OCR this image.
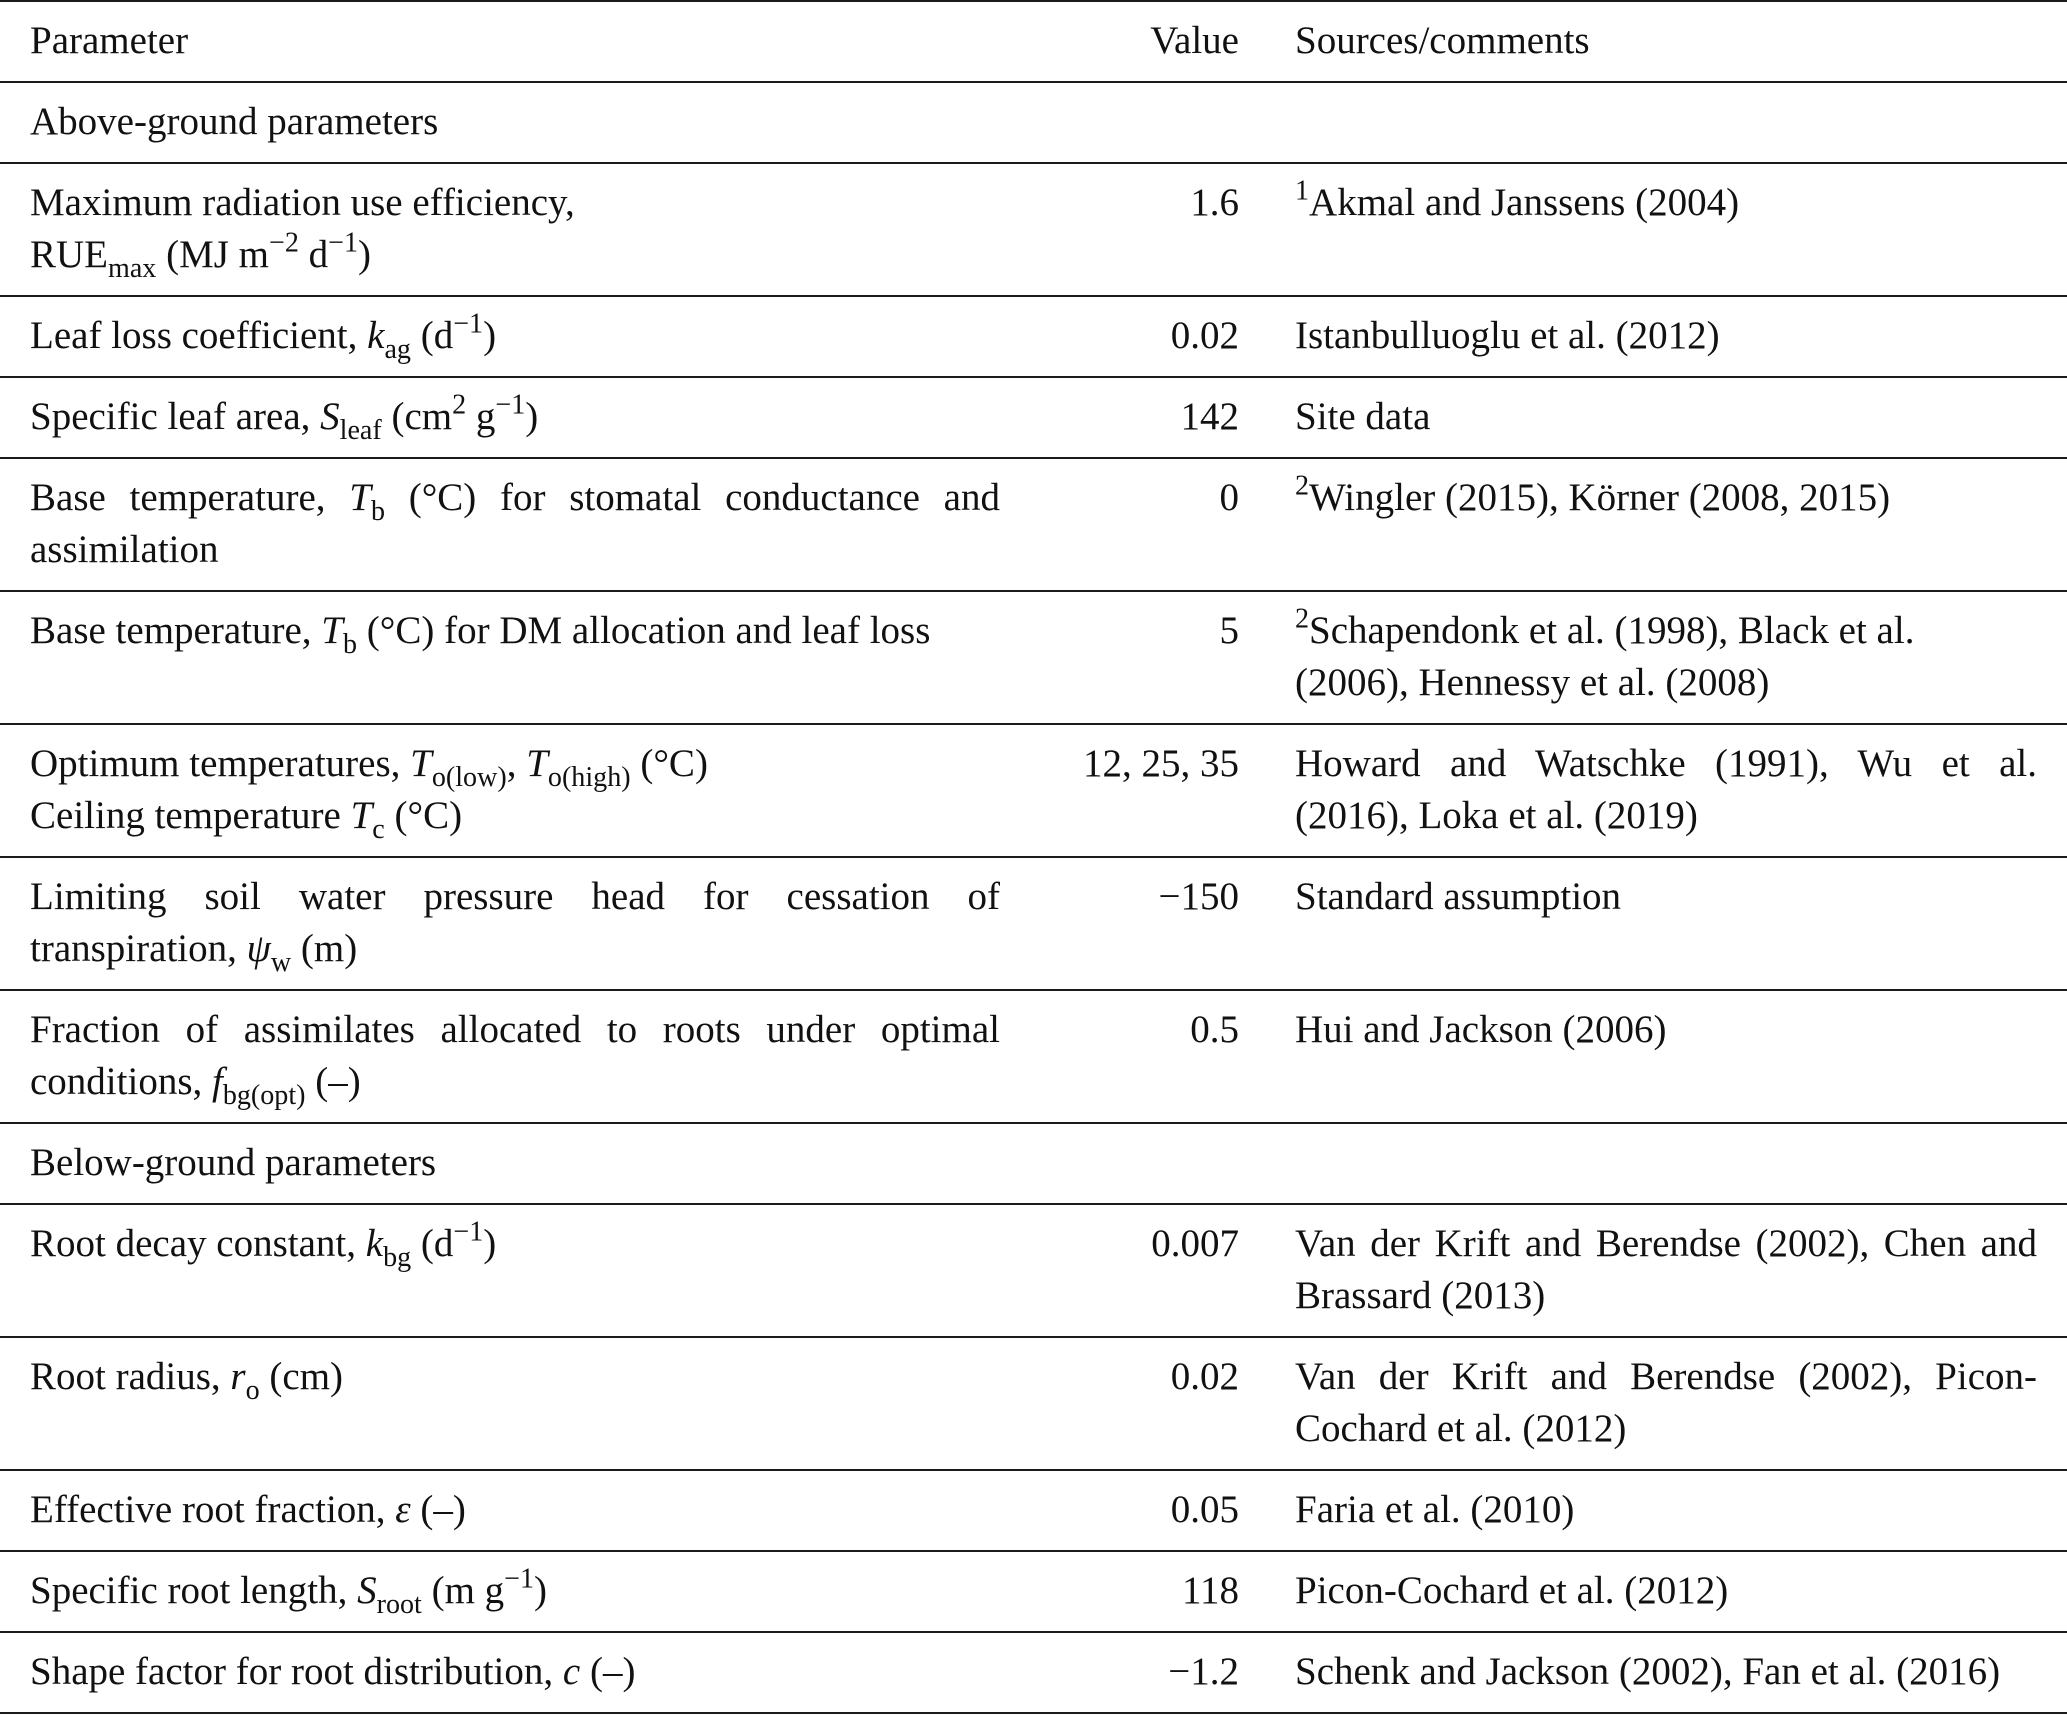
Parameter	Value	Sources/comments

Above-ground parameters		

Maximum radiation use efficiency,
$RUE_{max}$ (MJ $m^{-2}$ $d^{-1}$)	1.6	$^1$Akmal and Janssens (2004)

Leaf loss coefficient, $k_{ag}$ $(d^{-1})$	0.02	Istanbulluoglu et al. (2012)

Specific leaf area, $S_{leaf}$ ($cm^2$ $g^{-1}$)	142	Site data

Base temperature, $T_b$ (°C) for stomatal conductance and assimilation	0	$^2$Wingler (2015), Körner (2008, 2015)

Base temperature, $T_b$ (°C) for DM allocation and leaf loss	5	$^2$Schapendonk et al. (1998), Black et al. (2006), Hennessy et al. (2008)

Optimum temperatures, $T_{o(low)}$, $T_{o(high)}$ (°C)
Ceiling temperature $T_c$ (°C)	12, 25, 35	Howard and Watschke (1991), Wu et al. (2016), Loka et al. (2019)

Limiting soil water pressure head for cessation of transpiration, $\psi_w$ (m)	−150	Standard assumption

Fraction of assimilates allocated to roots under optimal conditions, $f_{bg(opt)}$ (–)	0.5	Hui and Jackson (2006)

Below-ground parameters		

Root decay constant, $k_{bg}$ $(d^{-1})$	0.007	Van der Krift and Berendse (2002), Chen and Brassard (2013)

Root radius, $r_o$ (cm)	0.02	Van der Krift and Berendse (2002), Picon-Cochard et al. (2012)

Effective root fraction, ε (–)	0.05	Faria et al. (2010)

Specific root length, $S_{root}$ (m $g^{-1}$)	118	Picon-Cochard et al. (2012)

Shape factor for root distribution, c (–)	−1.2	Schenk and Jackson (2002), Fan et al. (2016)
